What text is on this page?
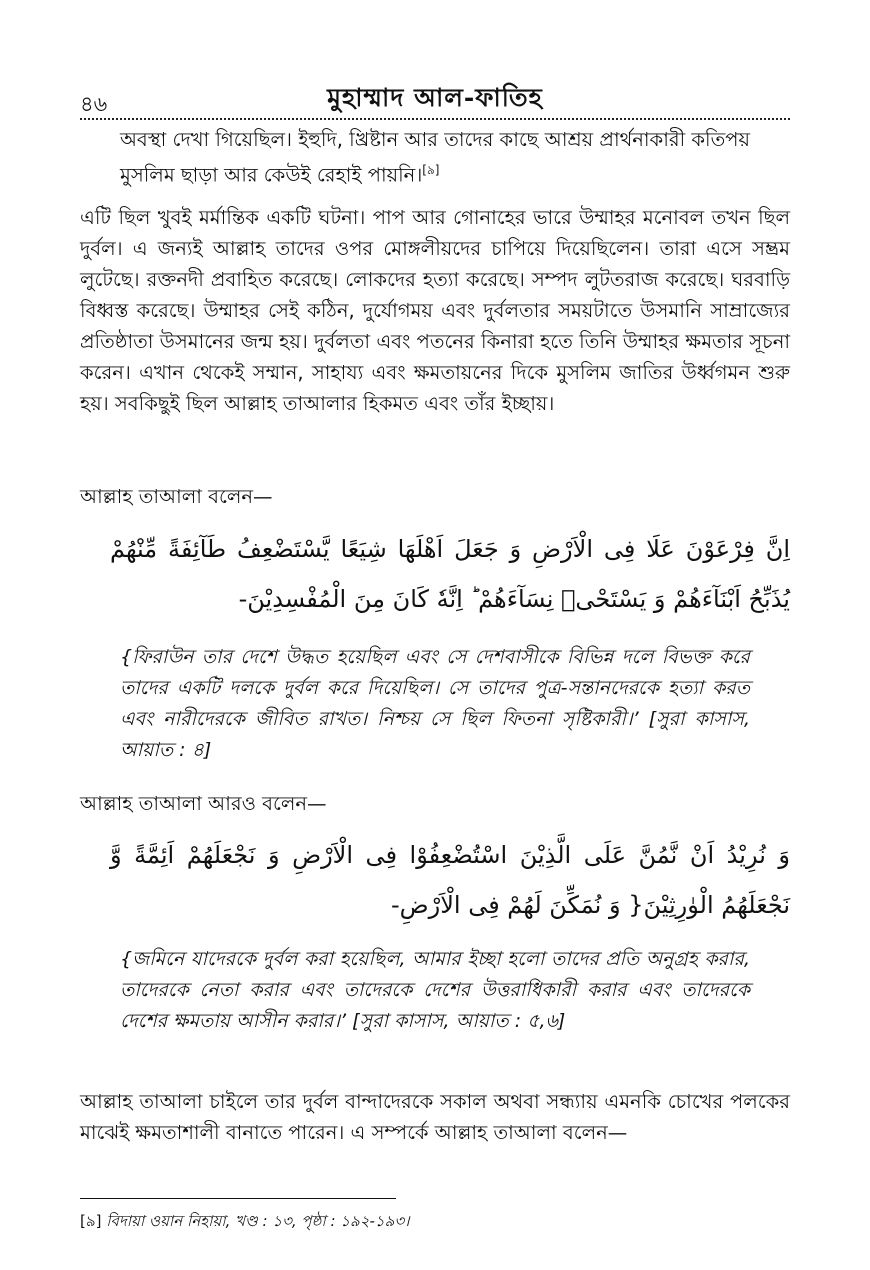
৪৬	মুহাম্মাদ আল-ফাতিহ
অবস্থা দেখা গিয়েছিল। ইহুদি, খ্রিষ্টান আর তাদের কাছে আশ্রয় প্রার্থনাকারী কতিপয় মুসলিম ছাড়া আর কেউই রেহাই পায়নি।[৯]
এটি ছিল খুবই মর্মান্তিক একটি ঘটনা। পাপ আর গোনাহের ভারে উম্মাহর মনোবল তখন ছিল দুর্বল। এ জন্যই আল্লাহ তাদের ওপর মোঙ্গলীয়দের চাপিয়ে দিয়েছিলেন। তারা এসে সম্ভ্রম লুটেছে। রক্তনদী প্রবাহিত করেছে। লোকদের হত্যা করেছে। সম্পদ লুটতরাজ করেছে। ঘরবাড়ি বিধ্বস্ত করেছে। উম্মাহর সেই কঠিন, দুর্যোগময় এবং দুর্বলতার সময়টাতে উসমানি সাম্রাজ্যের প্রতিষ্ঠাতা উসমানের জন্ম হয়। দুর্বলতা এবং পতনের কিনারা হতে তিনি উম্মাহর ক্ষমতার সূচনা করেন। এখান থেকেই সম্মান, সাহায্য এবং ক্ষমতায়নের দিকে মুসলিম জাতির উর্ধ্বগমন শুরু হয়। সবকিছুই ছিল আল্লাহ তাআলার হিকমত এবং তাঁর ইচ্ছায়।
আল্লাহ তাআলা বলেন—
اِنَّ فِرْعَوْنَ عَلَا فِى الْاَرْضِ وَ جَعَلَ اَهْلَهَا شِيَعًا يَّسْتَضْعِفُ طَآئِفَةً مِّنْهُمْ يُذَبِّحُ اَبْنَآءَهُمْ وَ يَسْتَحْىٖ نِسَآءَهُمْ ؕ اِنَّهٗ كَانَ مِنَ الْمُفْسِدِيْنَ-
{ফিরাউন তার দেশে উদ্ধত হয়েছিল এবং সে দেশবাসীকে বিভিন্ন দলে বিভক্ত করে তাদের একটি দলকে দুর্বল করে দিয়েছিল। সে তাদের পুত্র-সন্তানদেরকে হত্যা করত এবং নারীদেরকে জীবিত রাখত। নিশ্চয় সে ছিল ফিতনা সৃষ্টিকারী।’ [সুরা কাসাস, আয়াত : ৪]
আল্লাহ তাআলা আরও বলেন—
وَ نُرِيْدُ اَنْ نَّمُنَّ عَلَى الَّذِيْنَ اسْتُضْعِفُوْا فِى الْاَرْضِ وَ نَجْعَلَهُمْ اَئِمَّةً وَّ نَجْعَلَهُمُ الْوٰرِثِيْنَ{ وَ نُمَكِّنَ لَهُمْ فِى الْاَرْضِ-
{জমিনে যাদেরকে দুর্বল করা হয়েছিল, আমার ইচ্ছা হলো তাদের প্রতি অনুগ্রহ করার, তাদেরকে নেতা করার এবং তাদেরকে দেশের উত্তরাধিকারী করার এবং তাদেরকে দেশের ক্ষমতায় আসীন করার।’ [সুরা কাসাস, আয়াত : ৫,৬]
আল্লাহ তাআলা চাইলে তার দুর্বল বান্দাদেরকে সকাল অথবা সন্ধ্যায় এমনকি চোখের পলকের মাঝেই ক্ষমতাশালী বানাতে পারেন। এ সম্পর্কে আল্লাহ তাআলা বলেন—
[৯] বিদায়া ওয়ান নিহায়া, খণ্ড : ১৩, পৃষ্ঠা : ১৯২-১৯৩।
